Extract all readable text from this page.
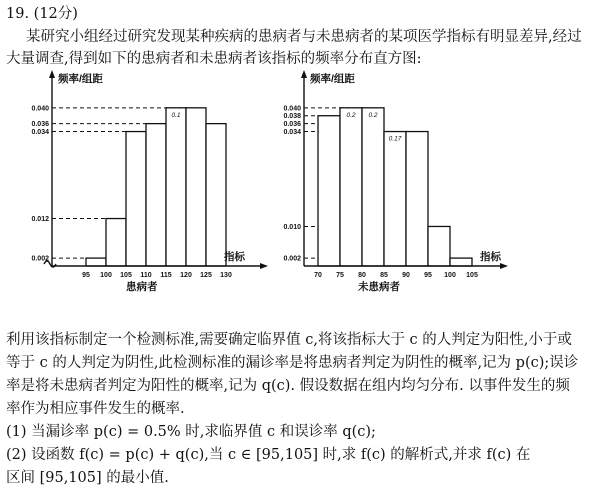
19. (12分)
某研究小组经过研究发现某种疾病的患病者与未患病者的某项医学指标有明显差异,经过
大量调查,得到如下的患病者和未患病者该指标的频率分布直方图:
0.002
0.012
0.034
0.036
0.040
95 100 105 110 115 120 125 130
0.1
频率/组距
指标
患病者
0.002
0.010
0.034
0.036
0.038
0.040
70 75 80 85 90 95 100 105
0.2 0.2
0.17
频率/组距
指标
未患病者
利用该指标制定一个检测标准,需要确定临界值 c,将该指标大于 c 的人判定为阳性,小于或
等于 c 的人判定为阴性,此检测标准的漏诊率是将患病者判定为阴性的概率,记为 p(c);误诊
率是将未患病者判定为阳性的概率,记为 q(c). 假设数据在组内均匀分布. 以事件发生的频
率作为相应事件发生的概率.
(1) 当漏诊率 p(c) = 0.5% 时,求临界值 c 和误诊率 q(c);
(2) 设函数 f(c) = p(c) + q(c),当 c ∈ [95,105] 时,求 f(c) 的解析式,并求 f(c) 在
区间 [95,105] 的最小值.
